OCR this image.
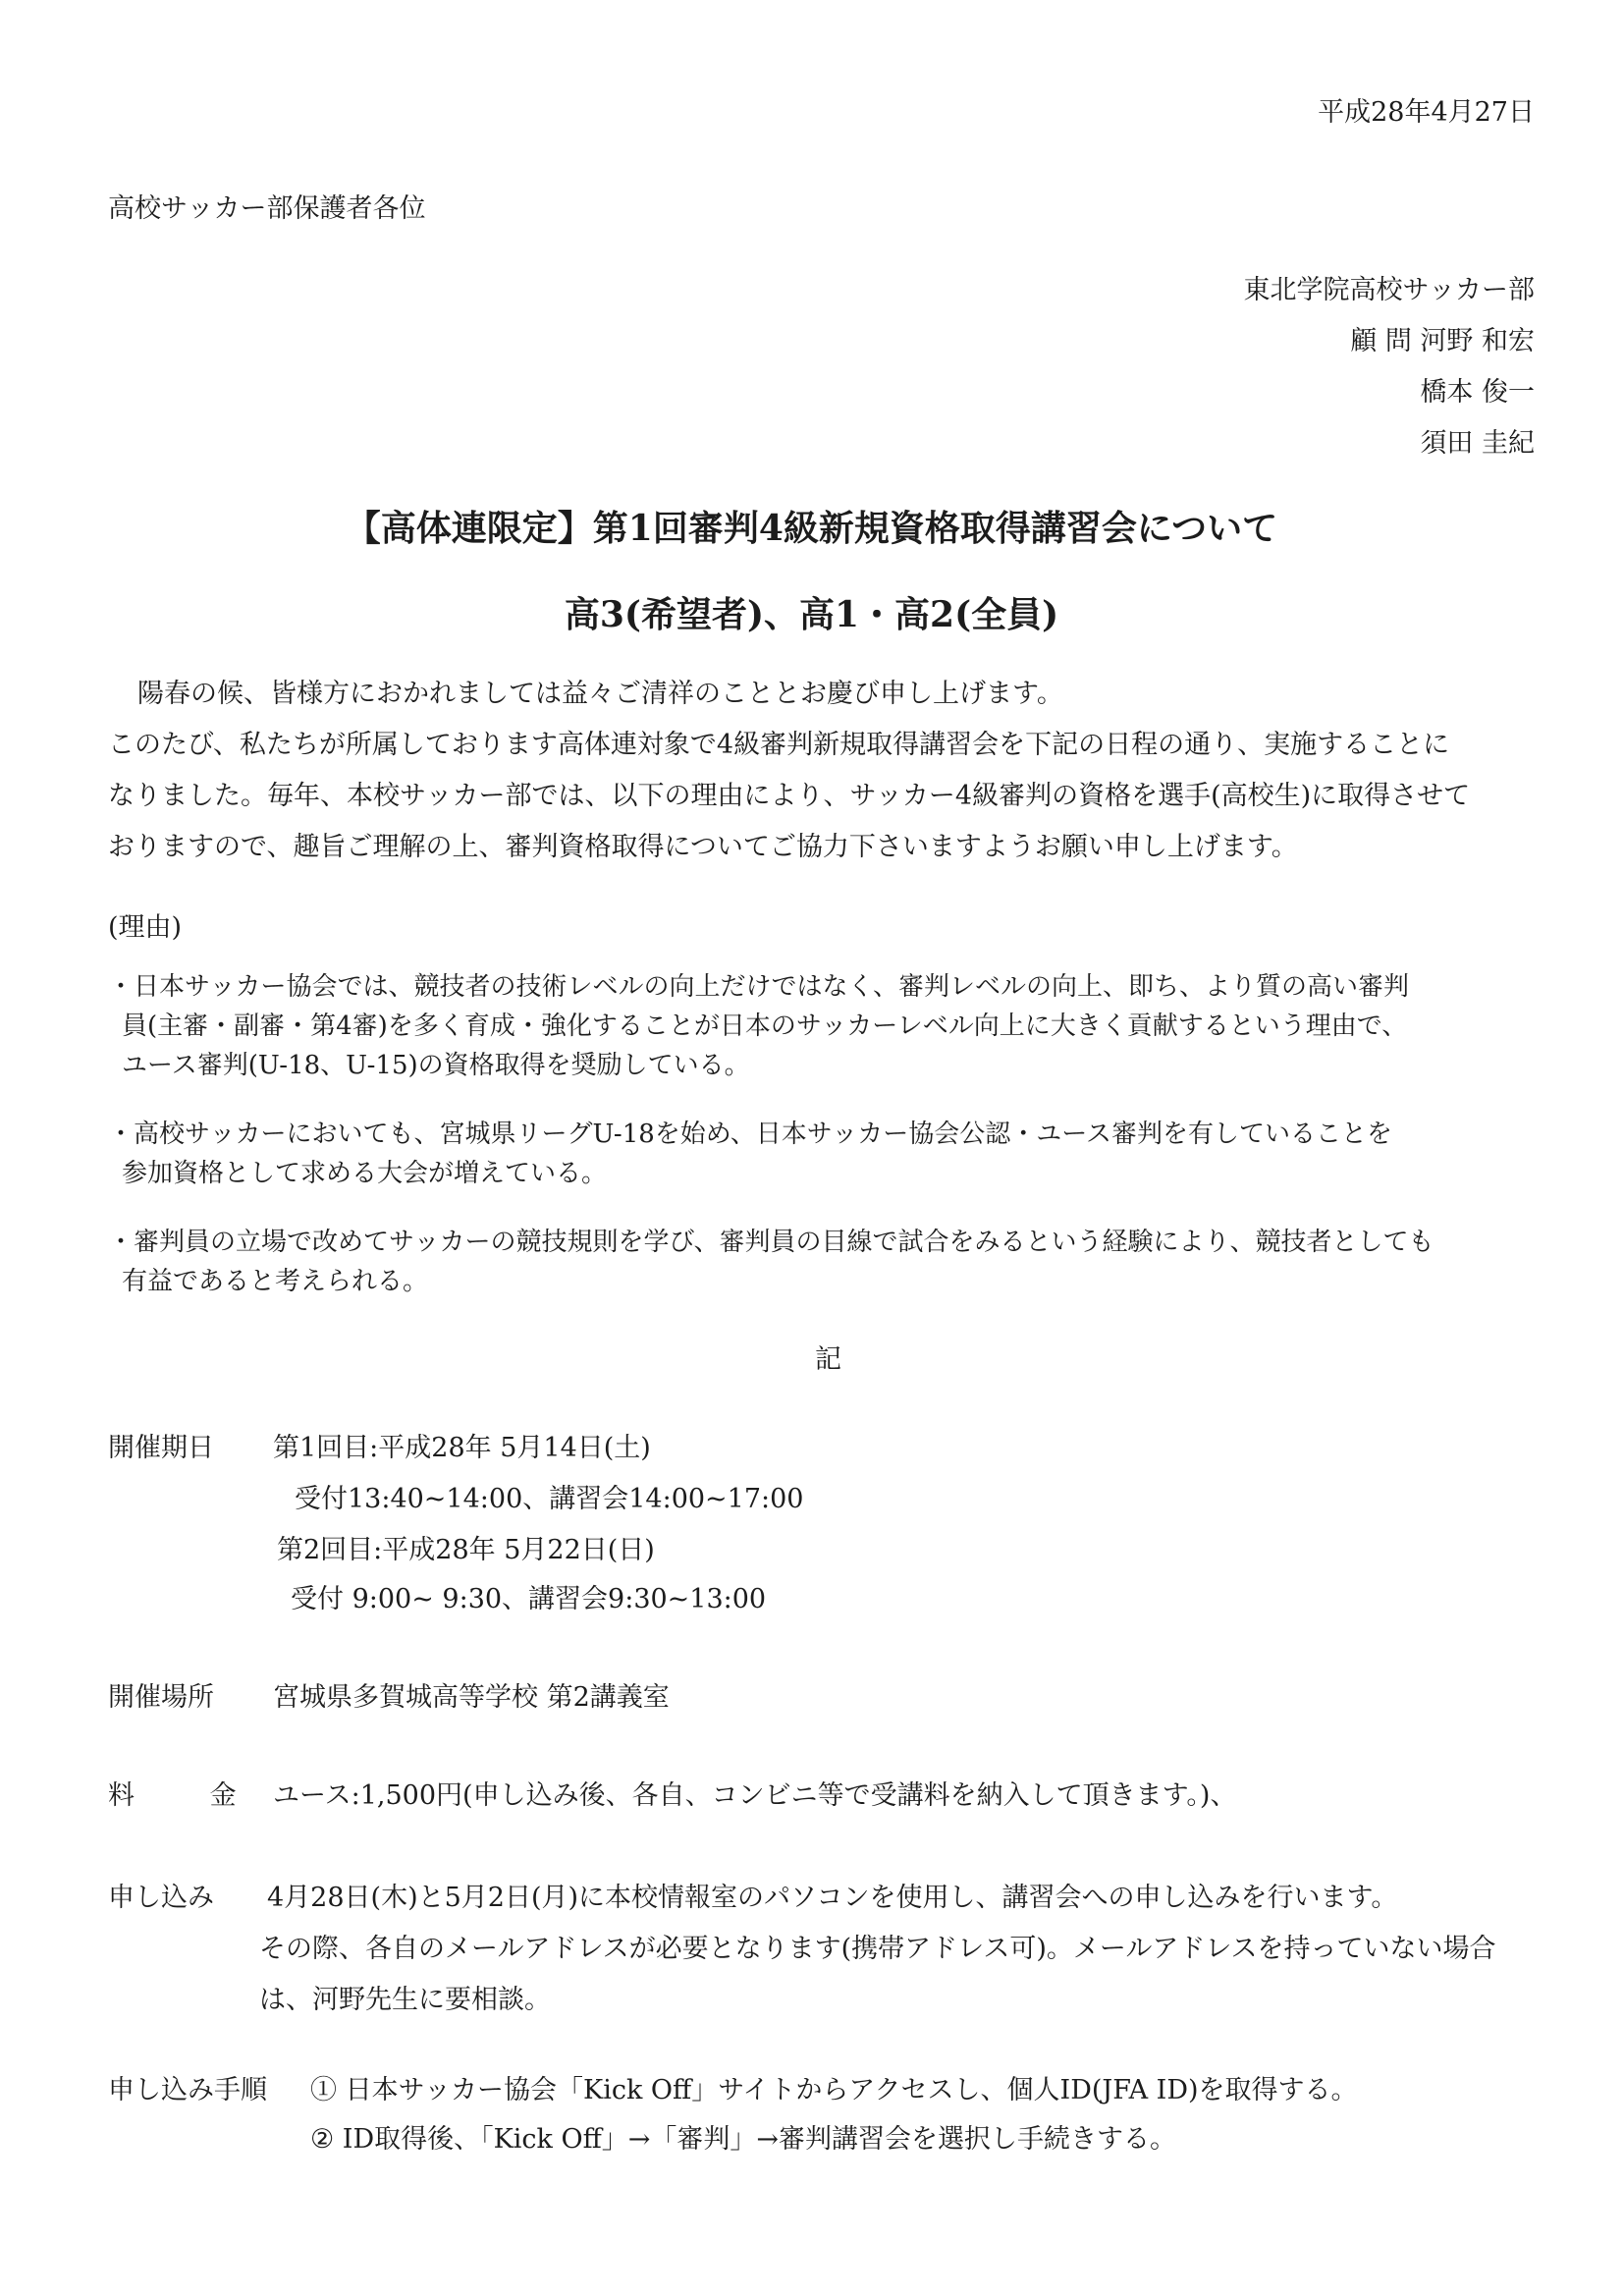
平成28年4月27日
高校サッカー部保護者各位
東北学院高校サッカー部
顧 問 河野 和宏
橋本 俊一
須田 圭紀
【高体連限定】第1回審判4級新規資格取得講習会について
高3(希望者)、高1・高2(全員)
陽春の候、皆様方におかれましては益々ご清祥のこととお慶び申し上げます。
このたび、私たちが所属しております高体連対象で4級審判新規取得講習会を下記の日程の通り、実施することに
なりました。毎年、本校サッカー部では、以下の理由により、サッカー4級審判の資格を選手(高校生)に取得させて
おりますので、趣旨ご理解の上、審判資格取得についてご協力下さいますようお願い申し上げます。
(理由)
・日本サッカー協会では、競技者の技術レベルの向上だけではなく、審判レベルの向上、即ち、より質の高い審判
員(主審・副審・第4審)を多く育成・強化することが日本のサッカーレベル向上に大きく貢献するという理由で、
ユース審判(U-18、U-15)の資格取得を奨励している。
・高校サッカーにおいても、宮城県リーグU-18を始め、日本サッカー協会公認・ユース審判を有していることを
参加資格として求める大会が増えている。
・審判員の立場で改めてサッカーの競技規則を学び、審判員の目線で試合をみるという経験により、競技者としても
有益であると考えられる。
記
開催期日 第1回目:平成28年 5月14日(土)
受付13:40~14:00、講習会14:00~17:00
第2回目:平成28年 5月22日(日)
受付 9:00~ 9:30、講習会9:30~13:00
開催場所 宮城県多賀城高等学校 第2講義室
料 金 ユース:1,500円(申し込み後、各自、コンビニ等で受講料を納入して頂きます。)、
申し込み 4月28日(木)と5月2日(月)に本校情報室のパソコンを使用し、講習会への申し込みを行います。
その際、各自のメールアドレスが必要となります(携帯アドレス可)。メールアドレスを持っていない場合
は、河野先生に要相談。
申し込み手順 ① 日本サッカー協会「Kick Off」サイトからアクセスし、個人ID(JFA ID)を取得する。
② ID取得後、「Kick Off」→「審判」→審判講習会を選択し手続きする。
